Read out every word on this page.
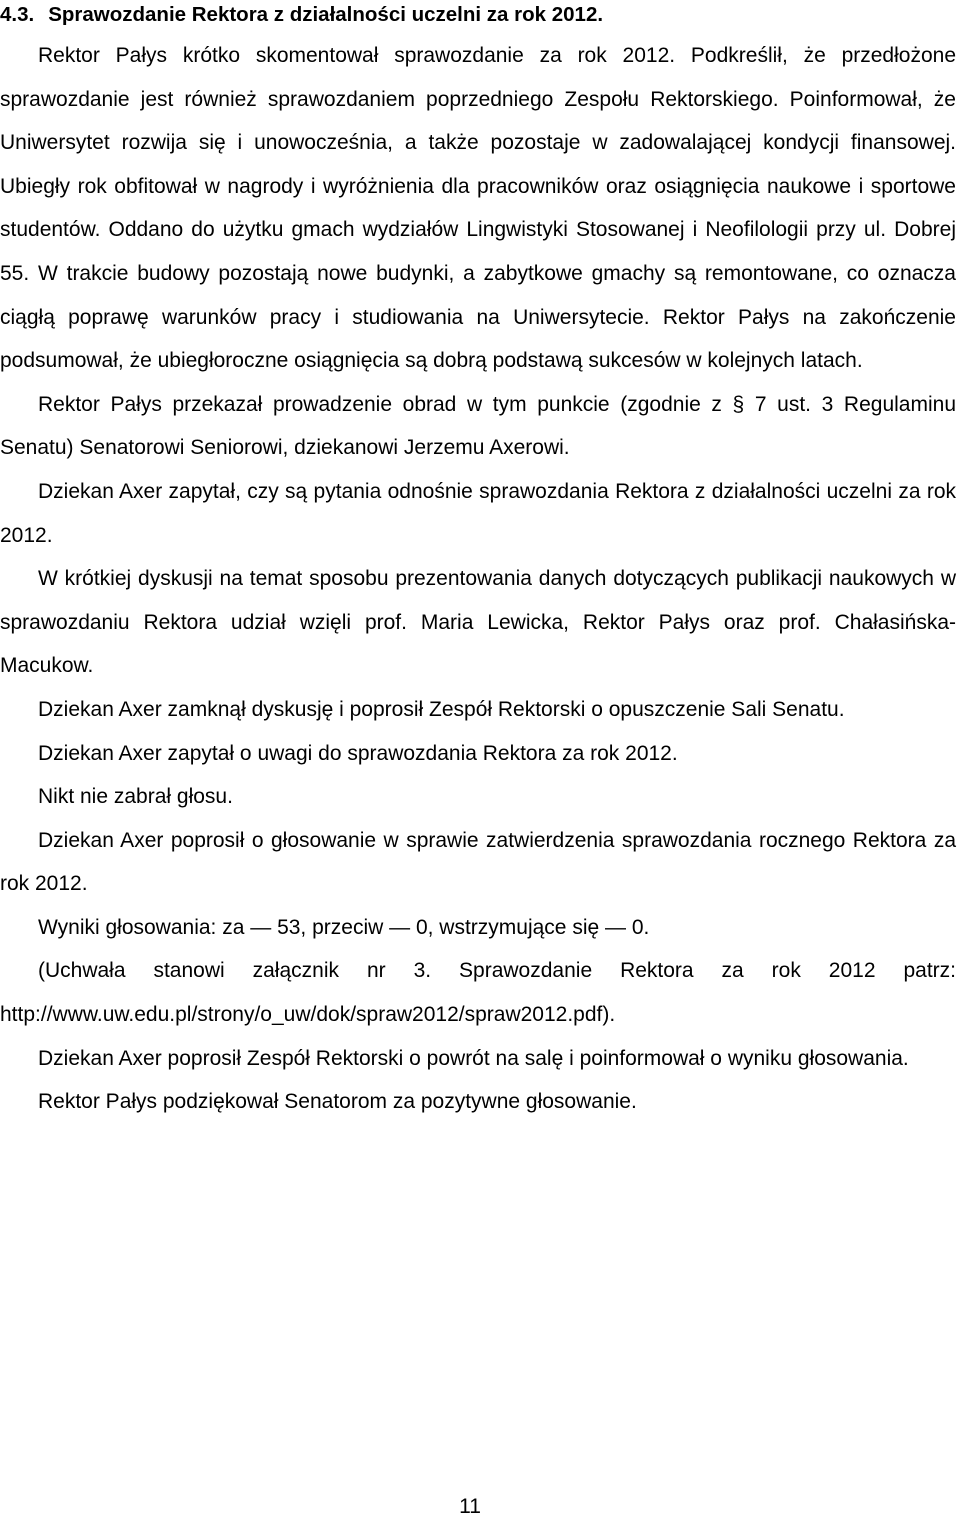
4.3. Sprawozdanie Rektora z działalności uczelni za rok 2012.

Rektor Pałys krótko skomentował sprawozdanie za rok 2012. Podkreślił, że przedłożone sprawozdanie jest również sprawozdaniem poprzedniego Zespołu Rektorskiego. Poinformował, że Uniwersytet rozwija się i unowocześnia, a także pozostaje w zadowalającej kondycji finansowej. Ubiegły rok obfitował w nagrody i wyróżnienia dla pracowników oraz osiągnięcia naukowe i sportowe studentów. Oddano do użytku gmach wydziałów Lingwistyki Stosowanej i Neofilologii przy ul. Dobrej 55. W trakcie budowy pozostają nowe budynki, a zabytkowe gmachy są remontowane, co oznacza ciągłą poprawę warunków pracy i studiowania na Uniwersytecie. Rektor Pałys na zakończenie podsumował, że ubiegłoroczne osiągnięcia są dobrą podstawą sukcesów w kolejnych latach.

Rektor Pałys przekazał prowadzenie obrad w tym punkcie (zgodnie z § 7 ust. 3 Regulaminu Senatu) Senatorowi Seniorowi, dziekanowi Jerzemu Axerowi.

Dziekan Axer zapytał, czy są pytania odnośnie sprawozdania Rektora z działalności uczelni za rok 2012.

W krótkiej dyskusji na temat sposobu prezentowania danych dotyczących publikacji naukowych w sprawozdaniu Rektora udział wzięli prof. Maria Lewicka, Rektor Pałys oraz prof. Chałasińska-Macukow.

Dziekan Axer zamknął dyskusję i poprosił Zespół Rektorski o opuszczenie Sali Senatu.

Dziekan Axer zapytał o uwagi do sprawozdania Rektora za rok 2012.

Nikt nie zabrał głosu.

Dziekan Axer poprosił o głosowanie w sprawie zatwierdzenia sprawozdania rocznego Rektora za rok 2012.

Wyniki głosowania: za — 53, przeciw — 0, wstrzymujące się — 0.

(Uchwała stanowi załącznik nr 3. Sprawozdanie Rektora za rok 2012 patrz: http://www.uw.edu.pl/strony/o_uw/dok/spraw2012/spraw2012.pdf).

Dziekan Axer poprosił Zespół Rektorski o powrót na salę i poinformował o wyniku głosowania.

Rektor Pałys podziękował Senatorom za pozytywne głosowanie.

11
